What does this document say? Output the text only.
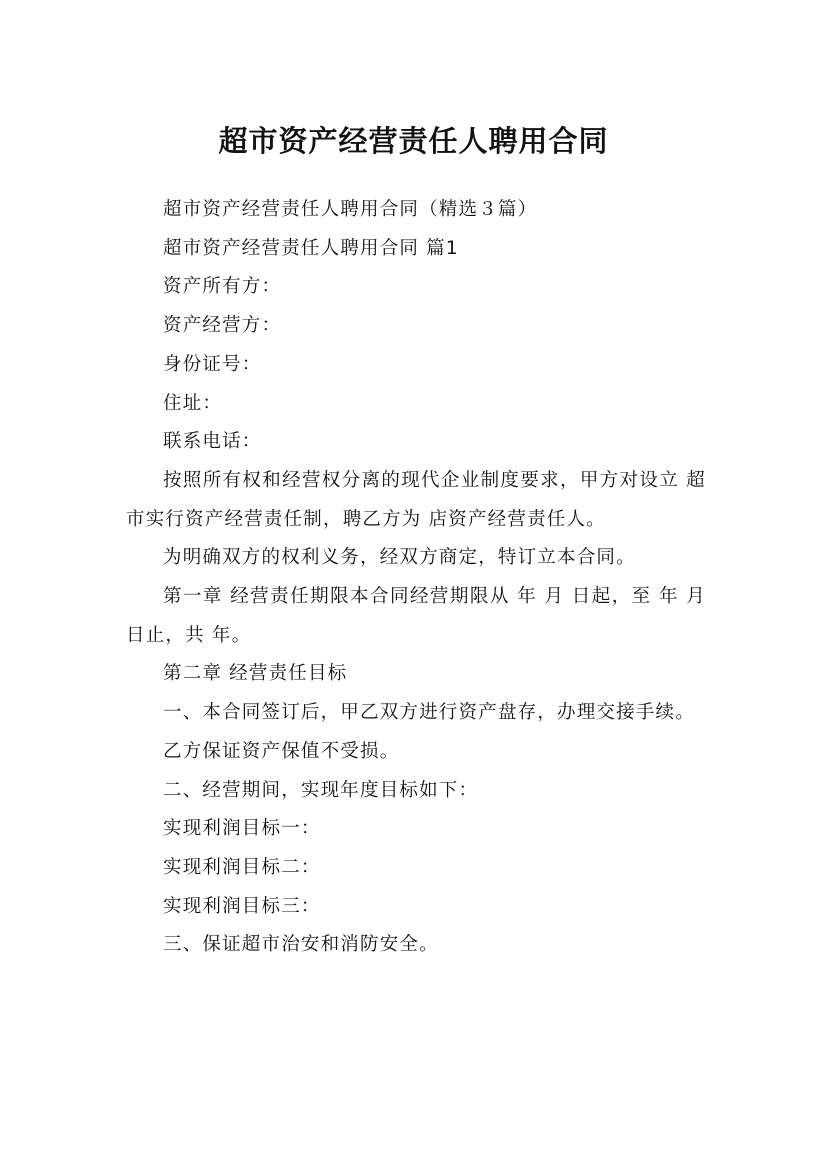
超市资产经营责任人聘用合同

超市资产经营责任人聘用合同（精选３篇）

超市资产经营责任人聘用合同 篇1

资产所有方：

资产经营方：

身份证号：

住址：

联系电话：

按照所有权和经营权分离的现代企业制度要求，甲方对设立 超市实行资产经营责任制，聘乙方为 店资产经营责任人。

为明确双方的权利义务，经双方商定，特订立本合同。

第一章 经营责任期限本合同经营期限从 年 月 日起，至 年 月 日止，共 年。

第二章 经营责任目标

一、本合同签订后，甲乙双方进行资产盘存，办理交接手续。

乙方保证资产保值不受损。

二、经营期间，实现年度目标如下：

实现利润目标一：

实现利润目标二：

实现利润目标三：

三、保证超市治安和消防安全。
